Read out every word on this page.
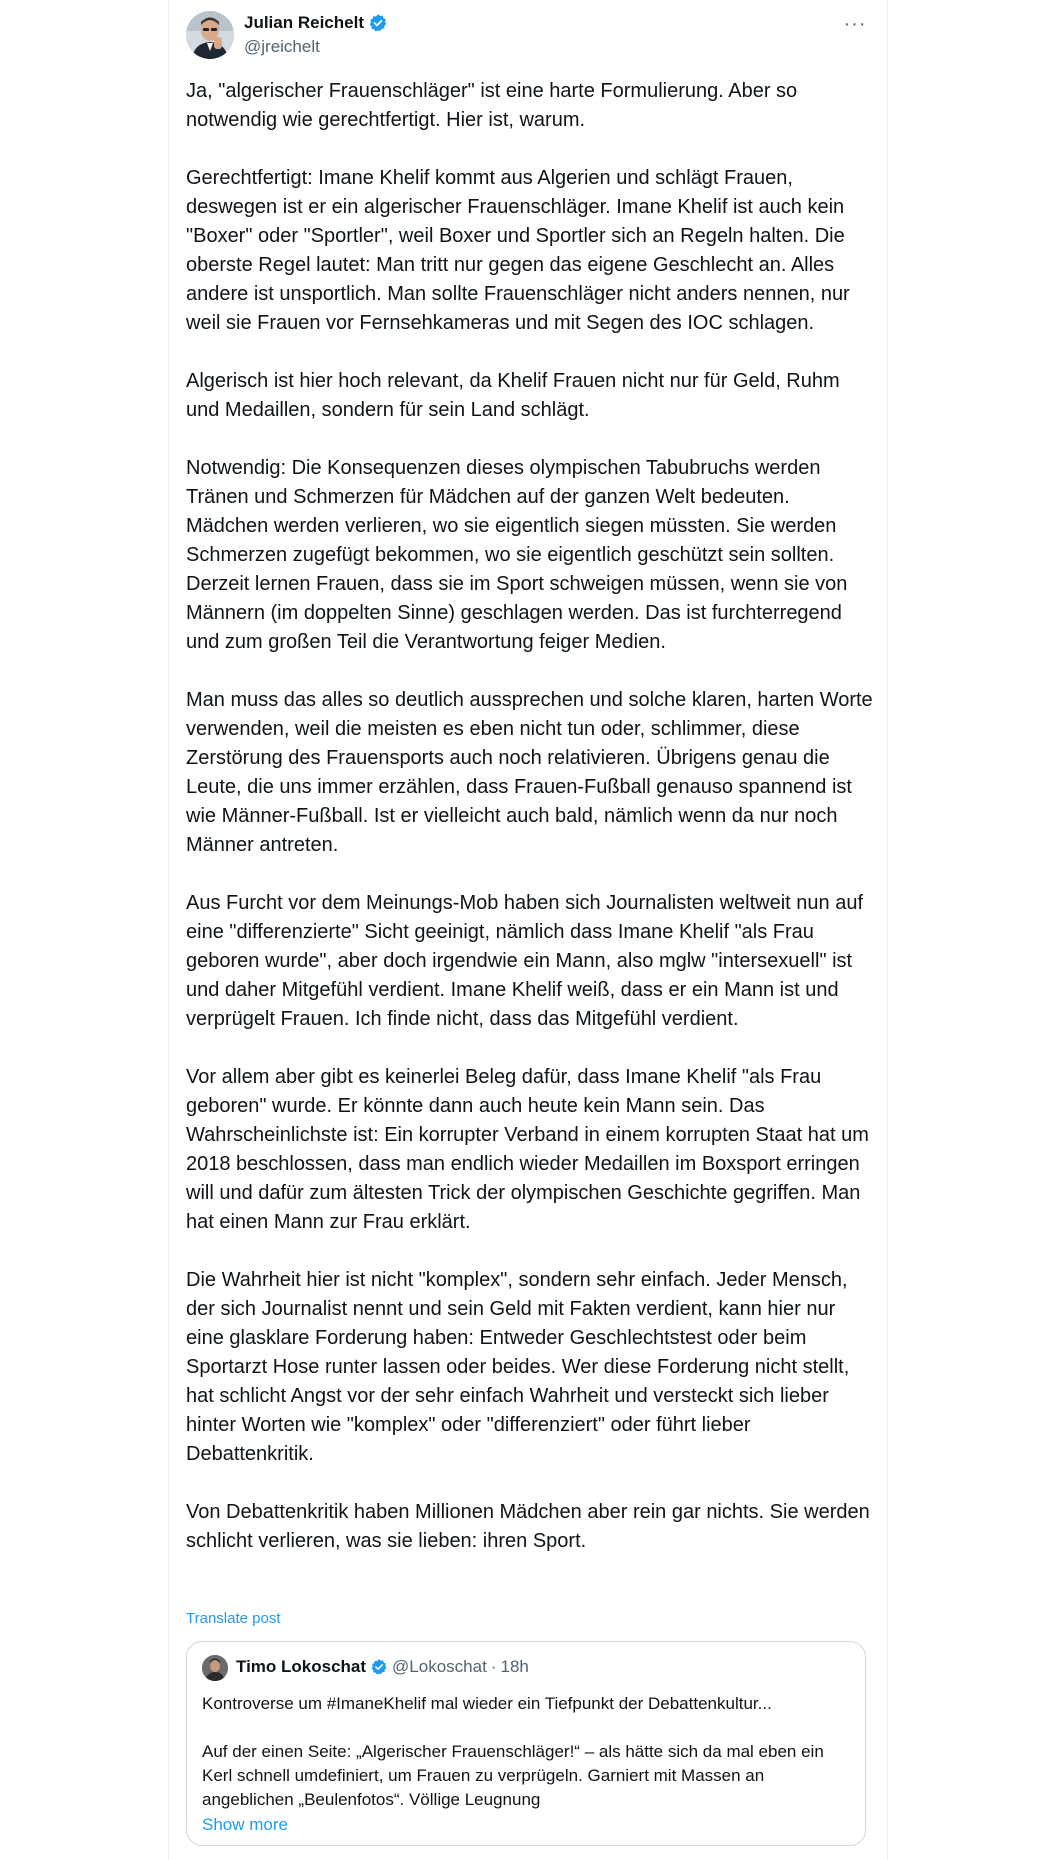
Julian Reichelt
@jreichelt
···

Ja, "algerischer Frauenschläger" ist eine harte Formulierung. Aber so notwendig wie gerechtfertigt. Hier ist, warum.

Gerechtfertigt: Imane Khelif kommt aus Algerien und schlägt Frauen, deswegen ist er ein algerischer Frauenschläger. Imane Khelif ist auch kein "Boxer" oder "Sportler", weil Boxer und Sportler sich an Regeln halten. Die oberste Regel lautet: Man tritt nur gegen das eigene Geschlecht an. Alles andere ist unsportlich. Man sollte Frauenschläger nicht anders nennen, nur weil sie Frauen vor Fernsehkameras und mit Segen des IOC schlagen.

Algerisch ist hier hoch relevant, da Khelif Frauen nicht nur für Geld, Ruhm und Medaillen, sondern für sein Land schlägt.

Notwendig: Die Konsequenzen dieses olympischen Tabubruchs werden Tränen und Schmerzen für Mädchen auf der ganzen Welt bedeuten. Mädchen werden verlieren, wo sie eigentlich siegen müssten. Sie werden Schmerzen zugefügt bekommen, wo sie eigentlich geschützt sein sollten. Derzeit lernen Frauen, dass sie im Sport schweigen müssen, wenn sie von Männern (im doppelten Sinne) geschlagen werden. Das ist furchterregend und zum großen Teil die Verantwortung feiger Medien.

Man muss das alles so deutlich aussprechen und solche klaren, harten Worte verwenden, weil die meisten es eben nicht tun oder, schlimmer, diese Zerstörung des Frauensports auch noch relativieren. Übrigens genau die Leute, die uns immer erzählen, dass Frauen-Fußball genauso spannend ist wie Männer-Fußball. Ist er vielleicht auch bald, nämlich wenn da nur noch Männer antreten.

Aus Furcht vor dem Meinungs-Mob haben sich Journalisten weltweit nun auf eine "differenzierte" Sicht geeinigt, nämlich dass Imane Khelif "als Frau geboren wurde", aber doch irgendwie ein Mann, also mglw "intersexuell" ist und daher Mitgefühl verdient. Imane Khelif weiß, dass er ein Mann ist und verprügelt Frauen. Ich finde nicht, dass das Mitgefühl verdient.

Vor allem aber gibt es keinerlei Beleg dafür, dass Imane Khelif "als Frau geboren" wurde. Er könnte dann auch heute kein Mann sein. Das Wahrscheinlichste ist: Ein korrupter Verband in einem korrupten Staat hat um 2018 beschlossen, dass man endlich wieder Medaillen im Boxsport erringen will und dafür zum ältesten Trick der olympischen Geschichte gegriffen. Man hat einen Mann zur Frau erklärt.

Die Wahrheit hier ist nicht "komplex", sondern sehr einfach. Jeder Mensch, der sich Journalist nennt und sein Geld mit Fakten verdient, kann hier nur eine glasklare Forderung haben: Entweder Geschlechtstest oder beim Sportarzt Hose runter lassen oder beides. Wer diese Forderung nicht stellt, hat schlicht Angst vor der sehr einfach Wahrheit und versteckt sich lieber hinter Worten wie "komplex" oder "differenziert" oder führt lieber Debattenkritik.

Von Debattenkritik haben Millionen Mädchen aber rein gar nichts. Sie werden schlicht verlieren, was sie lieben: ihren Sport.

Translate post
Timo Lokoschat @Lokoschat · 18h

Kontroverse um #ImaneKhelif mal wieder ein Tiefpunkt der Debattenkultur...

Auf der einen Seite: „Algerischer Frauenschläger!“ – als hätte sich da mal eben ein Kerl schnell umdefiniert, um Frauen zu verprügeln. Garniert mit Massen an angeblichen „Beulenfotos“. Völlige Leugnung

Show more
